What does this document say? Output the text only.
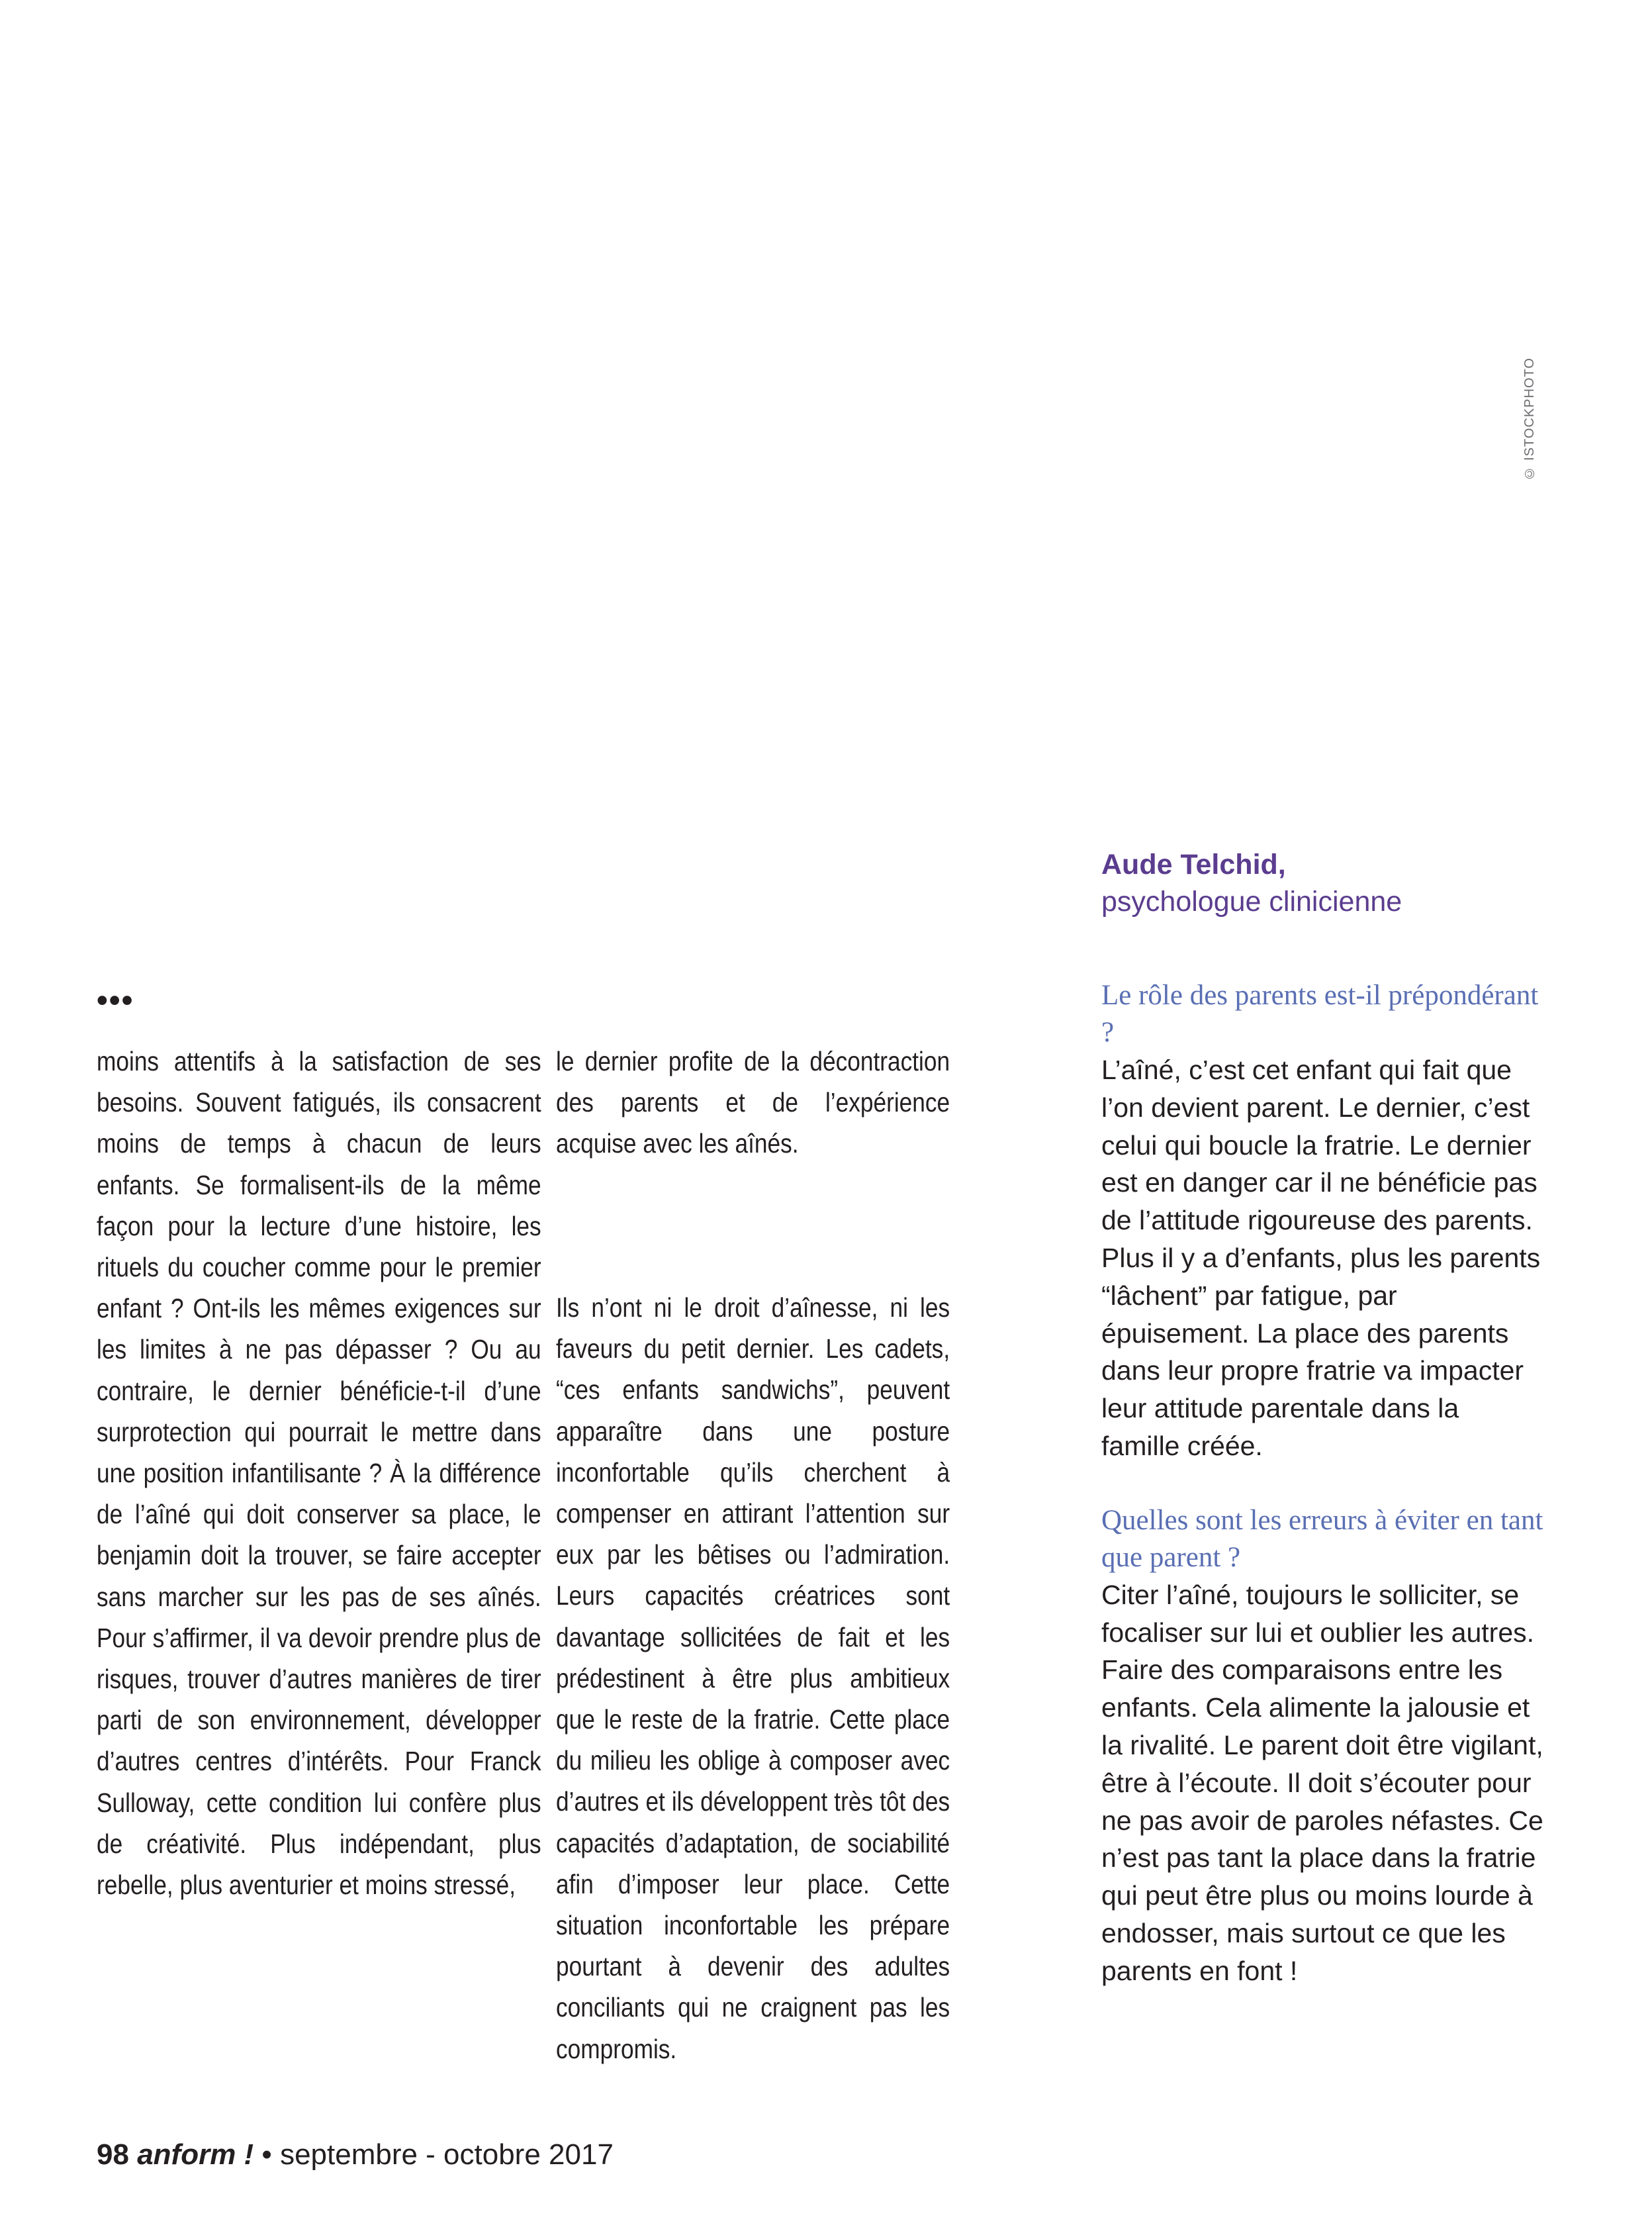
© ISTOCKPHOTO
•••

moins attentifs à la satisfaction de ses besoins. Souvent fatigués, ils consacrent moins de temps à chacun de leurs enfants. Se formalisent-ils de la même façon pour la lecture d’une histoire, les rituels du coucher comme pour le premier enfant ? Ont-ils les mêmes exigences sur les limites à ne pas dépasser ? Ou au contraire, le dernier bénéficie-t-il d’une surprotection qui pourrait le mettre dans une position infantilisante ? À la différence de l’aîné qui doit conserver sa place, le benjamin doit la trouver, se faire accepter sans marcher sur les pas de ses aînés. Pour s’affirmer, il va devoir prendre plus de risques, trouver d’autres manières de tirer parti de son environnement, développer d’autres centres d’intérêts. Pour Franck Sulloway, cette condition lui confère plus de créativité. Plus indépendant, plus rebelle, plus aventurier et moins stressé,

le dernier profite de la décontraction des parents et de l’expérience acquise avec les aînés.

Ils n’ont ni le droit d’aînesse, ni les faveurs du petit dernier. Les cadets, “ces enfants sandwichs”, peuvent apparaître dans une posture inconfortable qu’ils cherchent à compenser en attirant l’attention sur eux par les bêtises ou l’admiration. Leurs capacités créatrices sont davantage sollicitées de fait et les prédestinent à être plus ambitieux que le reste de la fratrie. Cette place du milieu les oblige à composer avec d’autres et ils développent très tôt des capacités d’adaptation, de sociabilité afin d’imposer leur place. Cette situation inconfortable les prépare pourtant à devenir des adultes conciliants qui ne craignent pas les compromis.

Aude Telchid,
psychologue clinicienne
Le rôle des parents est-il prépondérant ?
L’aîné, c’est cet enfant qui fait que l’on devient parent. Le dernier, c’est celui qui boucle la fratrie. Le dernier est en danger car il ne bénéficie pas de l’attitude rigoureuse des parents. Plus il y a d’enfants, plus les parents “lâchent” par fatigue, par épuisement. La place des parents dans leur propre fratrie va impacter leur attitude parentale dans la famille créée.
Quelles sont les erreurs à éviter en tant que parent ?
Citer l’aîné, toujours le solliciter, se focaliser sur lui et oublier les autres. Faire des comparaisons entre les enfants. Cela alimente la jalousie et la rivalité. Le parent doit être vigilant, être à l’écoute. Il doit s’écouter pour ne pas avoir de paroles néfastes. Ce n’est pas tant la place dans la fratrie qui peut être plus ou moins lourde à endosser, mais surtout ce que les parents en font !
98 anform ! • septembre - octobre 2017
